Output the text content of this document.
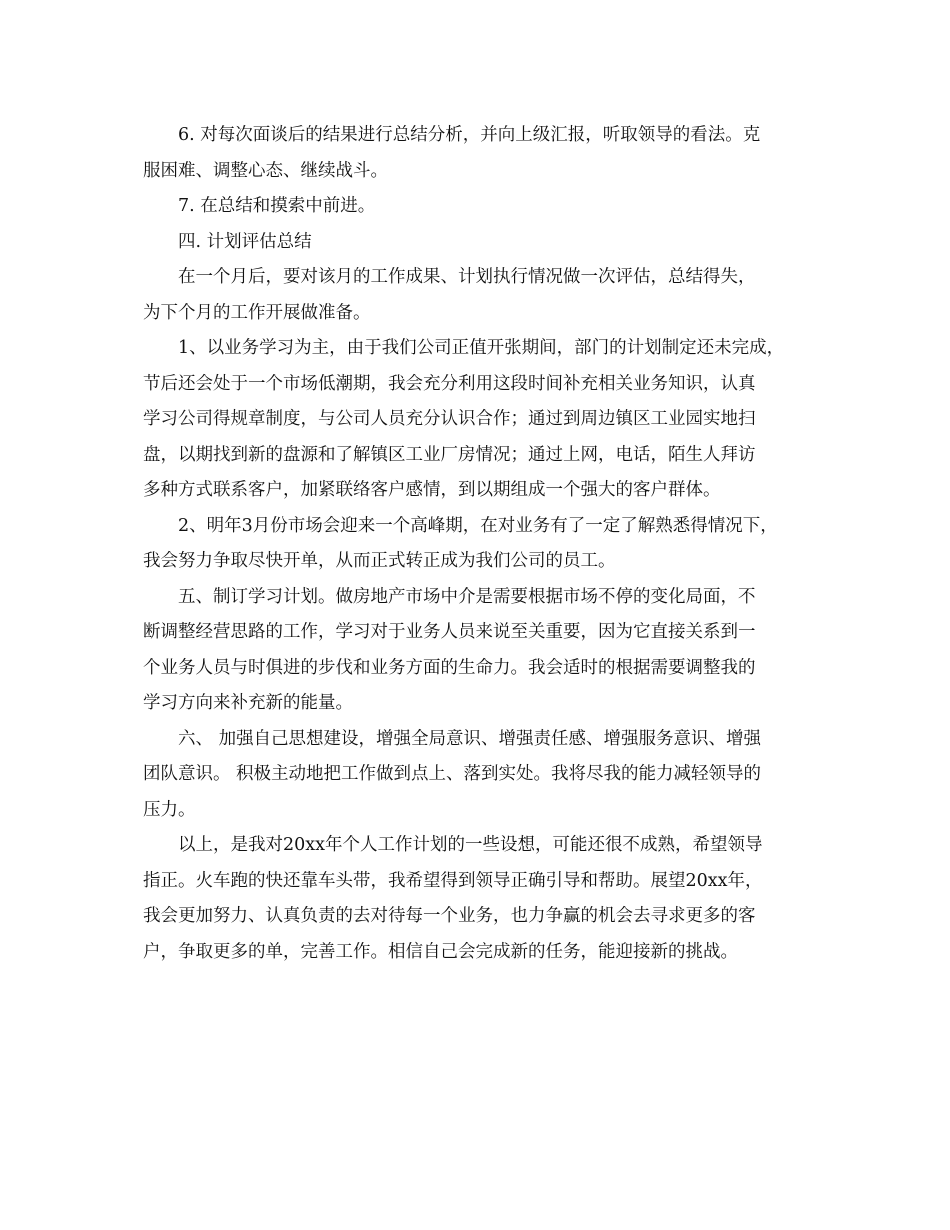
6. 对每次面谈后的结果进行总结分析，并向上级汇报，听取领导的看法。克
服困难、调整心态、继续战斗。
7. 在总结和摸索中前进。
四. 计划评估总结
在一个月后，要对该月的工作成果、计划执行情况做一次评估，总结得失，
为下个月的工作开展做准备。
1、以业务学习为主，由于我们公司正值开张期间，部门的计划制定还未完成，
节后还会处于一个市场低潮期，我会充分利用这段时间补充相关业务知识，认真
学习公司得规章制度，与公司人员充分认识合作；通过到周边镇区工业园实地扫
盘，以期找到新的盘源和了解镇区工业厂房情况；通过上网，电话，陌生人拜访
多种方式联系客户，加紧联络客户感情，到以期组成一个强大的客户群体。
2、明年3月份市场会迎来一个高峰期，在对业务有了一定了解熟悉得情况下，
我会努力争取尽快开单，从而正式转正成为我们公司的员工。
五、制订学习计划。做房地产市场中介是需要根据市场不停的变化局面，不
断调整经营思路的工作，学习对于业务人员来说至关重要，因为它直接关系到一
个业务人员与时俱进的步伐和业务方面的生命力。我会适时的根据需要调整我的
学习方向来补充新的能量。
六、 加强自己思想建设，增强全局意识、增强责任感、增强服务意识、增强
团队意识。 积极主动地把工作做到点上、落到实处。我将尽我的能力减轻领导的
压力。
以上，是我对20xx年个人工作计划的一些设想，可能还很不成熟，希望领导
指正。火车跑的快还靠车头带，我希望得到领导正确引导和帮助。展望20xx年，
我会更加努力、认真负责的去对待每一个业务，也力争赢的机会去寻求更多的客
户，争取更多的单，完善工作。相信自己会完成新的任务，能迎接新的挑战。
